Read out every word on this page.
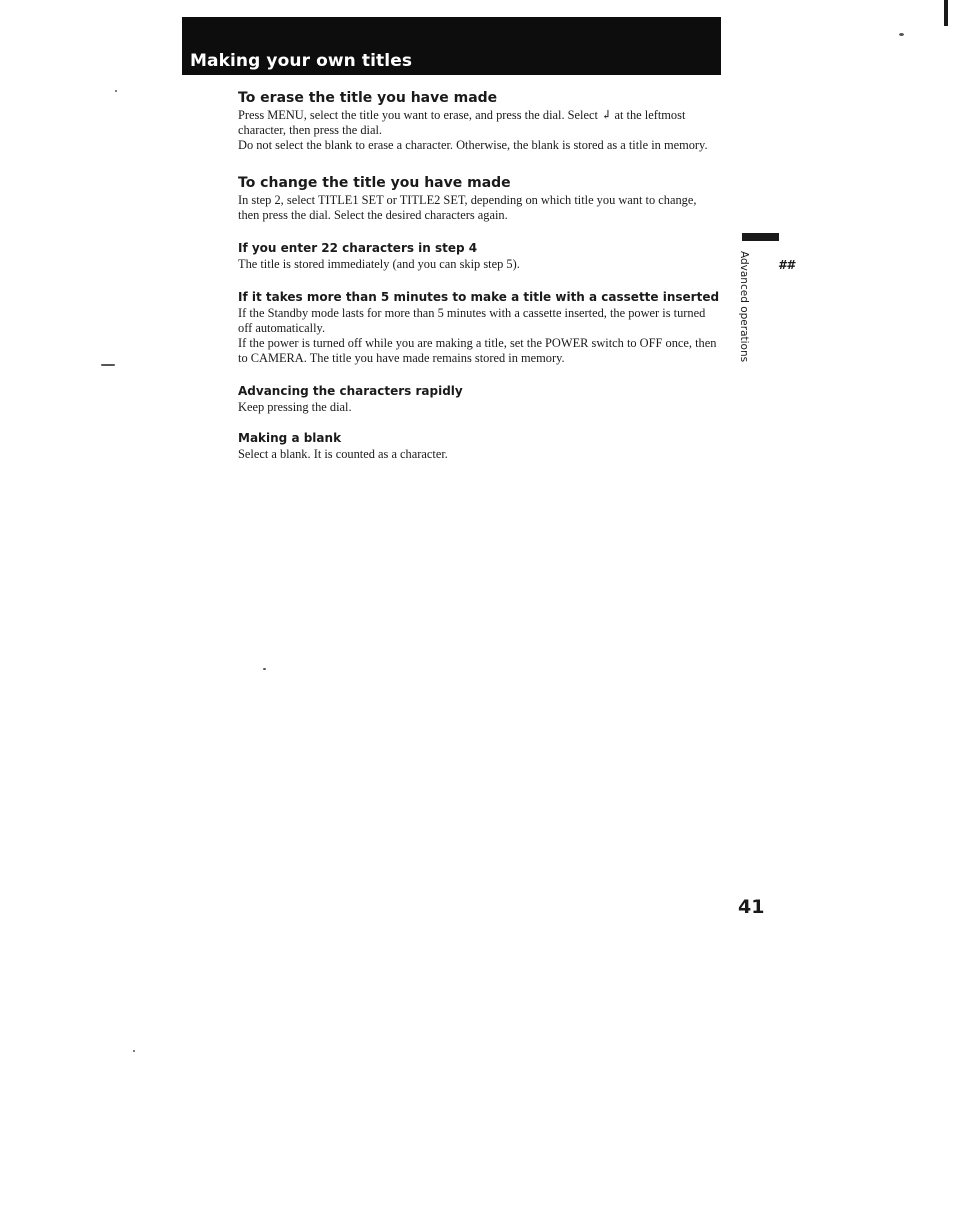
Making your own titles
To erase the title you have made

Press MENU, select the title you want to erase, and press the dial. Select ↲ at the leftmost character, then press the dial.

Do not select the blank to erase a character. Otherwise, the blank is stored as a title in memory.

To change the title you have made

In step 2, select TITLE1 SET or TITLE2 SET, depending on which title you want to change, then press the dial. Select the desired characters again.

If you enter 22 characters in step 4

The title is stored immediately (and you can skip step 5).

If it takes more than 5 minutes to make a title with a cassette inserted

If the Standby mode lasts for more than 5 minutes with a cassette inserted, the power is turned off automatically.

If the power is turned off while you are making a title, set the POWER switch to OFF once, then to CAMERA. The title you have made remains stored in memory.

Advancing the characters rapidly

Keep pressing the dial.

Making a blank

Select a blank. It is counted as a character.

Advanced operations ##
41
